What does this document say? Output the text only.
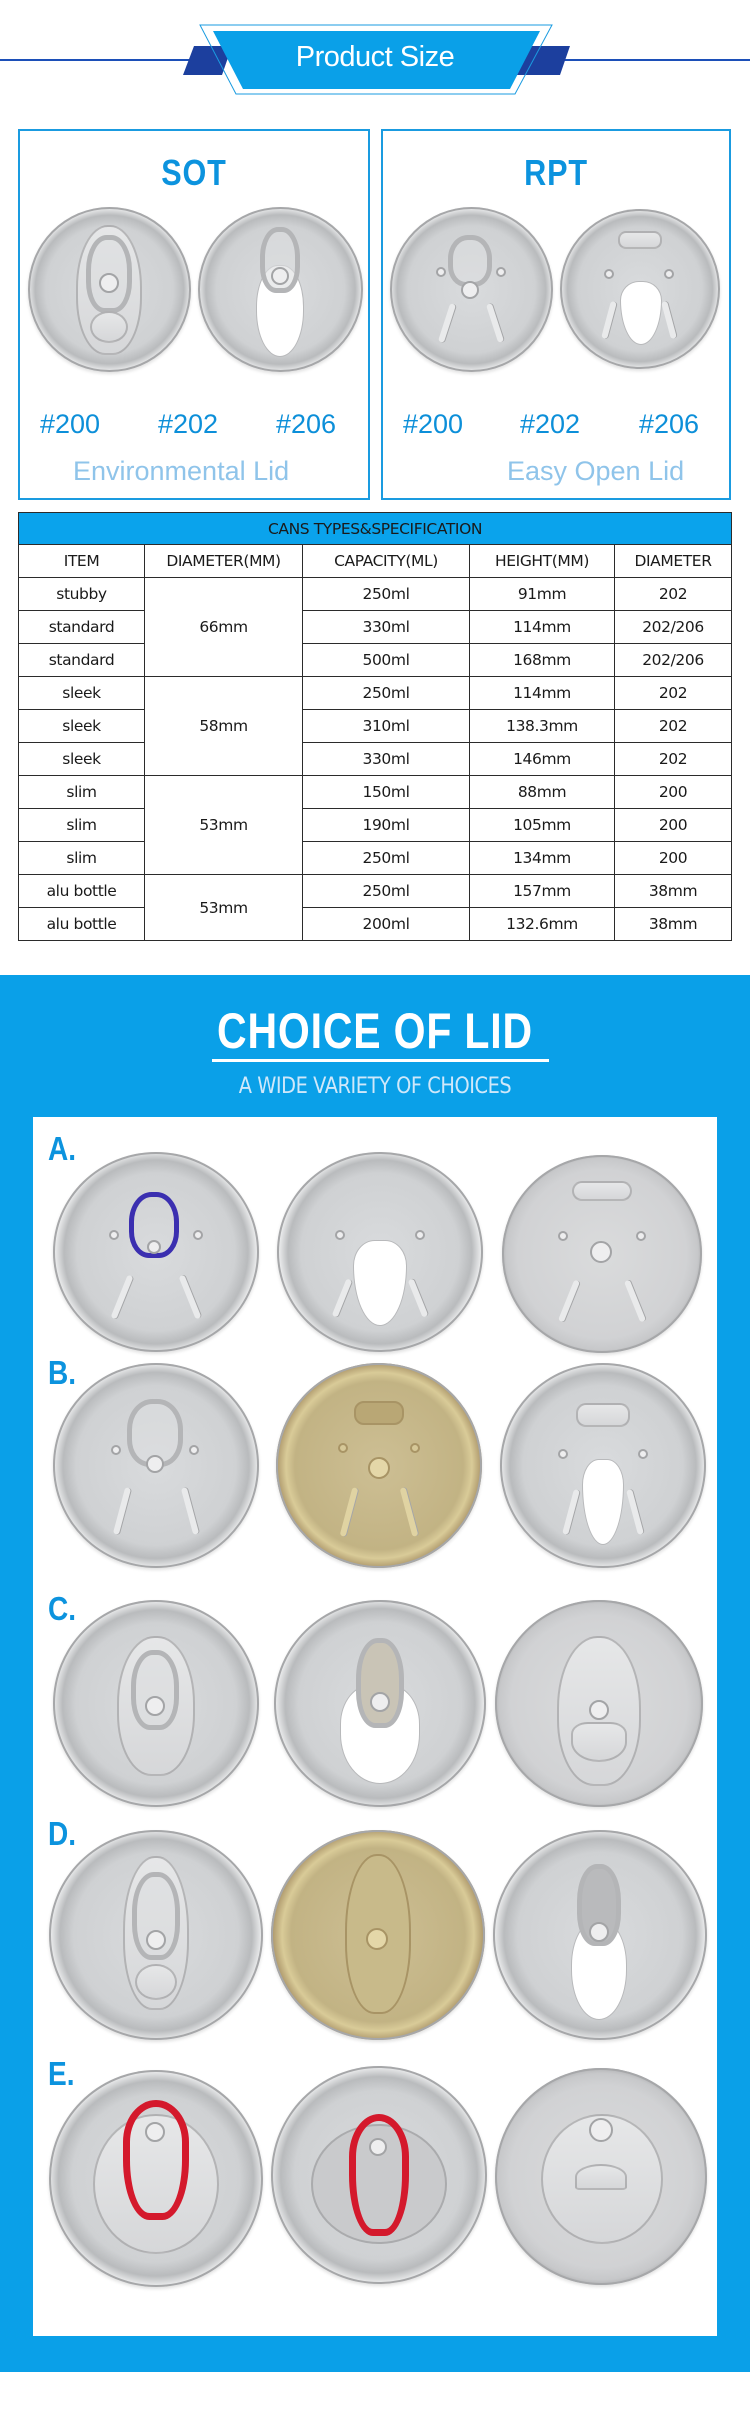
Product Size
SOT
#200 #202 #206
Environmental Lid
RPT
#200 #202 #206
Easy Open Lid
CANS TYPES&SPECIFICATION				
ITEM	DIAMETER(MM)	CAPACITY(ML)	HEIGHT(MM)	DIAMETER
stubby	66mm	250ml	91mm	202
standard		330ml	114mm	202/206
standard		500ml	168mm	202/206
sleek	58mm	250ml	114mm	202
sleek		310ml	138.3mm	202
sleek		330ml	146mm	202
slim	53mm	150ml	88mm	200
slim		190ml	105mm	200
slim		250ml	134mm	200
alu bottle	53mm	250ml	157mm	38mm
alu bottle		200ml	132.6mm	38mm
CHOICE OF LID
A WIDE VARIETY OF CHOICES
A.
B.
C.
D.
E.
